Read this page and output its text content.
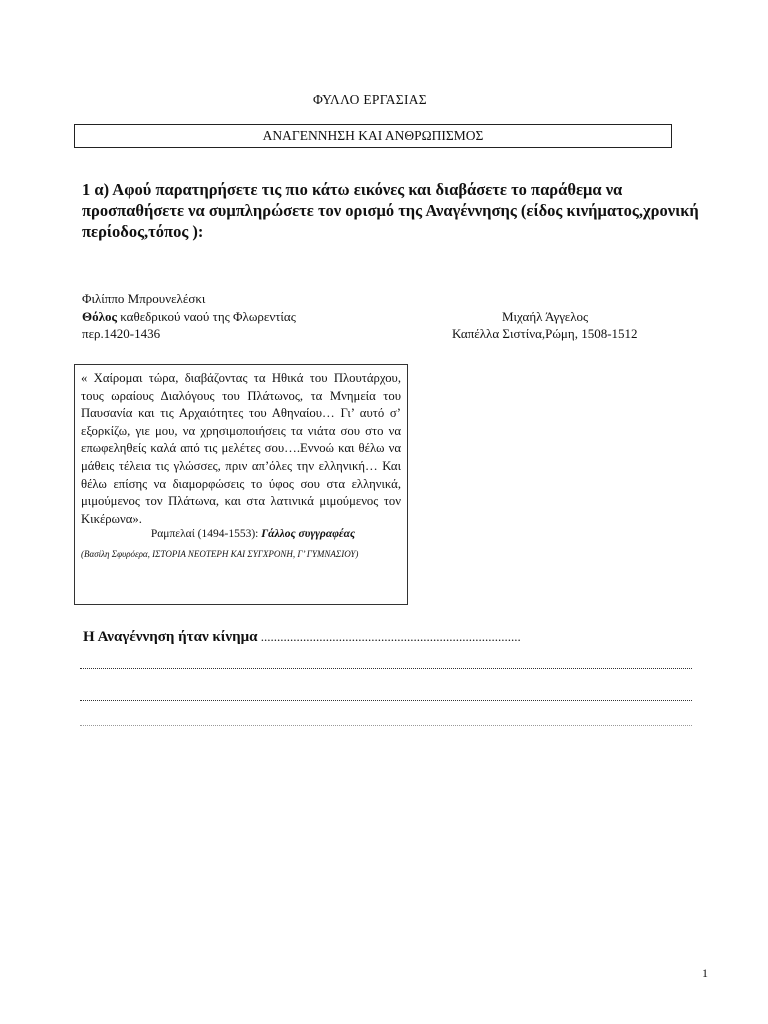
ΦΥΛΛΟ ΕΡΓΑΣΙΑΣ
ΑΝΑΓΕΝΝΗΣΗ ΚΑΙ ΑΝΘΡΩΠΙΣΜΟΣ
1 α) Αφού παρατηρήσετε τις πιο κάτω εικόνες και διαβάσετε το παράθεμα να προσπαθήσετε να συμπληρώσετε τον ορισμό της Αναγέννησης (είδος κινήματος,χρονική περίοδος,τόπος ):
Φιλίππο Μπρουνελέσκι
Θόλος καθεδρικού ναού της Φλωρεντίας
περ.1420-1436
Μιχαήλ Άγγελος
Καπέλλα Σιστίνα,Ρώμη, 1508-1512

« Χαίρομαι τώρα, διαβάζοντας τα Ηθικά του Πλουτάρχου, τους ωραίους Διαλόγους του Πλάτωνος, τα Μνημεία του Παυσανία και τις Αρχαιότητες του Αθηναίου… Γι’ αυτό σ’ εξορκίζω, γιε μου, να χρησιμοποιήσεις τα νιάτα σου στο να επωφεληθείς καλά από τις μελέτες σου….Εννοώ και θέλω να μάθεις τέλεια τις γλώσσες, πριν απ’όλες την ελληνική… Και θέλω επίσης να διαμορφώσεις το ύφος σου στα ελληνικά, μιμούμενος τον Πλάτωνα, και στα λατινικά μιμούμενος τον Κικέρωνα».

Ραμπελαί (1494-1553): Γάλλος συγγραφέας
(Βασίλη Σφυρόερα, ΙΣΤΟΡΙΑ ΝΕΟΤΕΡΗ ΚΑΙ ΣΥΓΧΡΟΝΗ, Γ’ ΓΥΜΝΑΣΙΟΥ)
Η Αναγέννηση ήταν κίνημα ................................................................................
1
